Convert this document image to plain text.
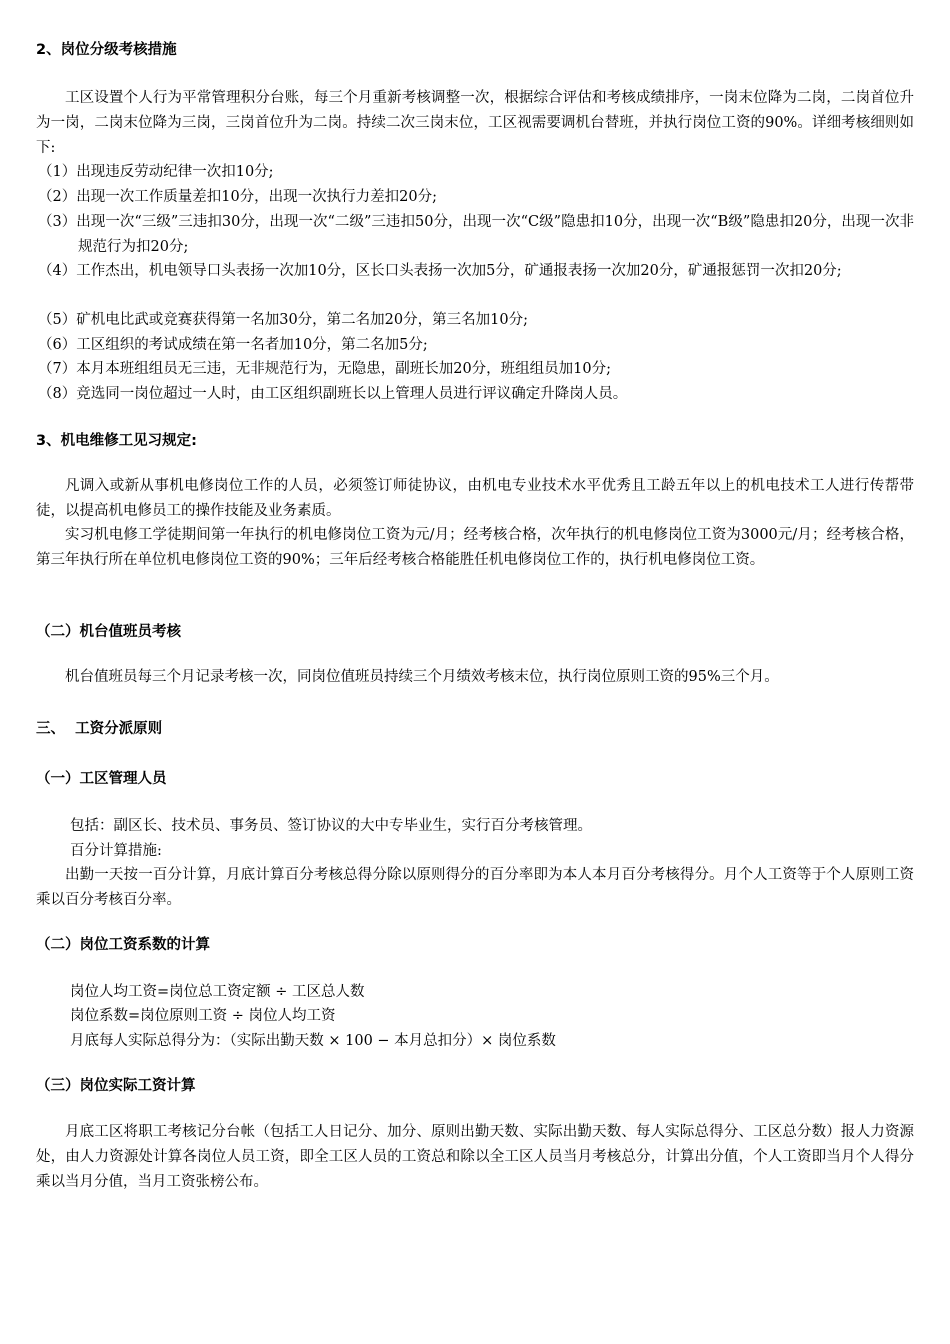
2、岗位分级考核措施
工区设置个人行为平常管理积分台账，每三个月重新考核调整一次，根据综合评估和考核成绩排序，一岗末位降为二岗，二岗首位升为一岗，二岗末位降为三岗，三岗首位升为二岗。持续二次三岗末位，工区视需要调机台替班，并执行岗位工资的90%。详细考核细则如下:
（1）出现违反劳动纪律一次扣10分;
（2）出现一次工作质量差扣10分，出现一次执行力差扣20分;
（3）出现一次“三级”三违扣30分，出现一次“二级”三违扣50分，出现一次“C级”隐患扣10分，出现一次“B级”隐患扣20分，出现一次非规范行为扣20分;
（4）工作杰出，机电领导口头表扬一次加10分，区长口头表扬一次加5分，矿通报表扬一次加20分，矿通报惩罚一次扣20分;
（5）矿机电比武或竞赛获得第一名加30分，第二名加20分，第三名加10分;
（6）工区组织的考试成绩在第一名者加10分，第二名加5分;
（7）本月本班组组员无三违，无非规范行为，无隐患，副班长加20分，班组组员加10分;
（8）竞选同一岗位超过一人时，由工区组织副班长以上管理人员进行评议确定升降岗人员。
3、机电维修工见习规定:
凡调入或新从事机电修岗位工作的人员，必须签订师徒协议，由机电专业技术水平优秀且工龄五年以上的机电技术工人进行传帮带徒，以提高机电修员工的操作技能及业务素质。
实习机电修工学徒期间第一年执行的机电修岗位工资为元/月；经考核合格，次年执行的机电修岗位工资为3000元/月；经考核合格，第三年执行所在单位机电修岗位工资的90%；三年后经考核合格能胜任机电修岗位工作的，执行机电修岗位工资。
（二）机台值班员考核
机台值班员每三个月记录考核一次，同岗位值班员持续三个月绩效考核末位，执行岗位原则工资的95%三个月。
三、  工资分派原则
（一）工区管理人员
包括：副区长、技术员、事务员、签订协议的大中专毕业生，实行百分考核管理。
百分计算措施:
出勤一天按一百分计算，月底计算百分考核总得分除以原则得分的百分率即为本人本月百分考核得分。月个人工资等于个人原则工资乘以百分考核百分率。
（二）岗位工资系数的计算
岗位人均工资=岗位总工资定额 ÷ 工区总人数
岗位系数=岗位原则工资 ÷ 岗位人均工资
月底每人实际总得分为：（实际出勤天数 × 100 − 本月总扣分）× 岗位系数
（三）岗位实际工资计算
月底工区将职工考核记分台帐（包括工人日记分、加分、原则出勤天数、实际出勤天数、每人实际总得分、工区总分数）报人力资源处，由人力资源处计算各岗位人员工资，即全工区人员的工资总和除以全工区人员当月考核总分，计算出分值，个人工资即当月个人得分乘以当月分值，当月工资张榜公布。
